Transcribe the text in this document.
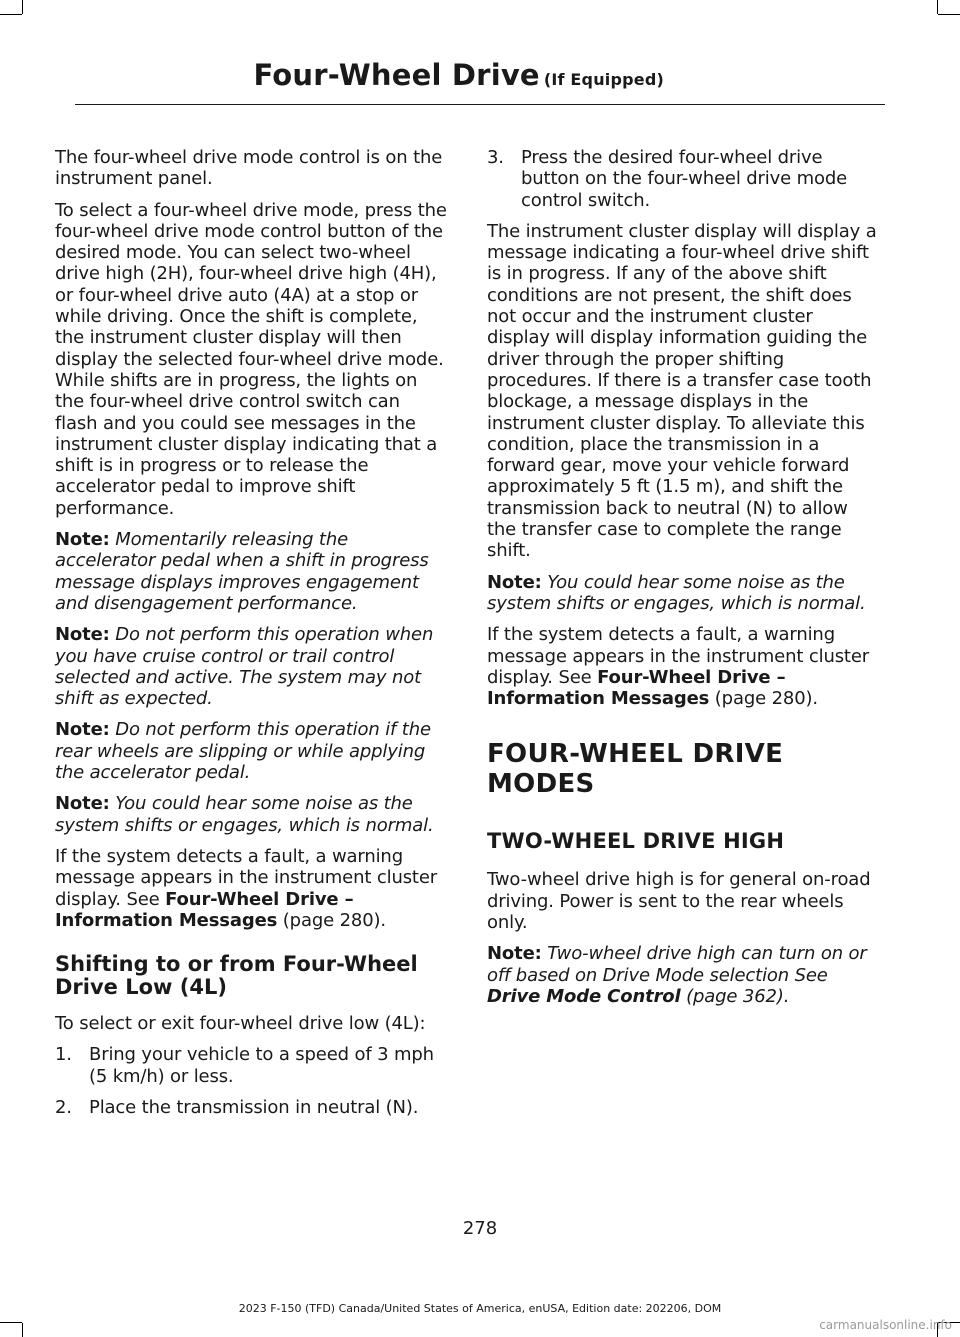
Four-Wheel Drive (If Equipped)

The four-wheel drive mode control is on the instrument panel.

To select a four-wheel drive mode, press the four-wheel drive mode control button of the desired mode. You can select two-wheel drive high (2H), four-wheel drive high (4H), or four-wheel drive auto (4A) at a stop or while driving. Once the shift is complete, the instrument cluster display will then display the selected four-wheel drive mode. While shifts are in progress, the lights on the four-wheel drive control switch can flash and you could see messages in the instrument cluster display indicating that a shift is in progress or to release the accelerator pedal to improve shift performance.

Note: Momentarily releasing the accelerator pedal when a shift in progress message displays improves engagement and disengagement performance.

Note: Do not perform this operation when you have cruise control or trail control selected and active. The system may not shift as expected.

Note: Do not perform this operation if the rear wheels are slipping or while applying the accelerator pedal.

Note: You could hear some noise as the system shifts or engages, which is normal.

If the system detects a fault, a warning message appears in the instrument cluster display. See Four-Wheel Drive – Information Messages (page 280).

Shifting to or from Four-Wheel Drive Low (4L)

To select or exit four-wheel drive low (4L):

1. Bring your vehicle to a speed of 3 mph (5 km/h) or less.
2. Place the transmission in neutral (N).
3. Press the desired four-wheel drive button on the four-wheel drive mode control switch.

The instrument cluster display will display a message indicating a four-wheel drive shift is in progress. If any of the above shift conditions are not present, the shift does not occur and the instrument cluster display will display information guiding the driver through the proper shifting procedures. If there is a transfer case tooth blockage, a message displays in the instrument cluster display. To alleviate this condition, place the transmission in a forward gear, move your vehicle forward approximately 5 ft (1.5 m), and shift the transmission back to neutral (N) to allow the transfer case to complete the range shift.

Note: You could hear some noise as the system shifts or engages, which is normal.

If the system detects a fault, a warning message appears in the instrument cluster display. See Four-Wheel Drive – Information Messages (page 280).

FOUR-WHEEL DRIVE MODES
TWO-WHEEL DRIVE HIGH

Two-wheel drive high is for general on-road driving. Power is sent to the rear wheels only.

Note: Two-wheel drive high can turn on or off based on Drive Mode selection See Drive Mode Control (page 362).

278
2023 F-150 (TFD) Canada/United States of America, enUSA, Edition date: 202206, DOM
carmanualsonline.info
